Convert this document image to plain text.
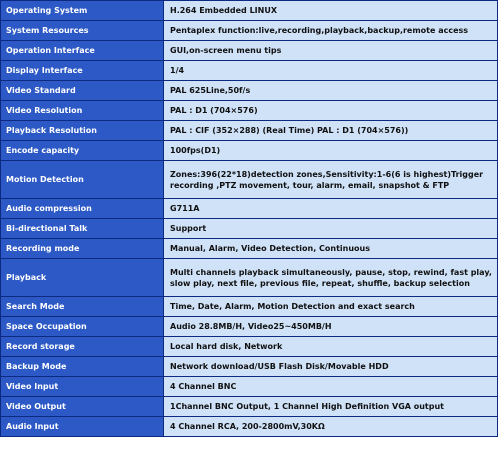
Operating System	H.264 Embedded LINUX
System Resources	Pentaplex function:live,recording,playback,backup,remote access
Operation Interface	GUI,on-screen menu tips
Display Interface	1/4
Video Standard	PAL 625Line,50f/s
Video Resolution	PAL : D1 (704×576)
Playback Resolution	PAL : CIF (352×288) (Real Time) PAL : D1 (704×576))
Encode capacity	100fps(D1)
Motion Detection	Zones:396(22*18)detection zones,Sensitivity:1-6(6 is highest)Trigger recording ,PTZ movement, tour, alarm, email, snapshot & FTP
Audio compression	G711A
Bi-directional Talk	Support
Recording mode	Manual, Alarm, Video Detection, Continuous
Playback	Multi channels playback simultaneously, pause, stop, rewind, fast play, slow play, next file, previous file, repeat, shuffle, backup selection
Search Mode	Time, Date, Alarm, Motion Detection and exact search
Space Occupation	Audio 28.8MB/H, Video25~450MB/H
Record storage	Local hard disk, Network
Backup Mode	Network download/USB Flash Disk/Movable HDD
Video Input	4 Channel BNC
Video Output	1Channel BNC Output, 1 Channel High Definition VGA output
Audio Input	4 Channel RCA, 200-2800mV,30KΩ
